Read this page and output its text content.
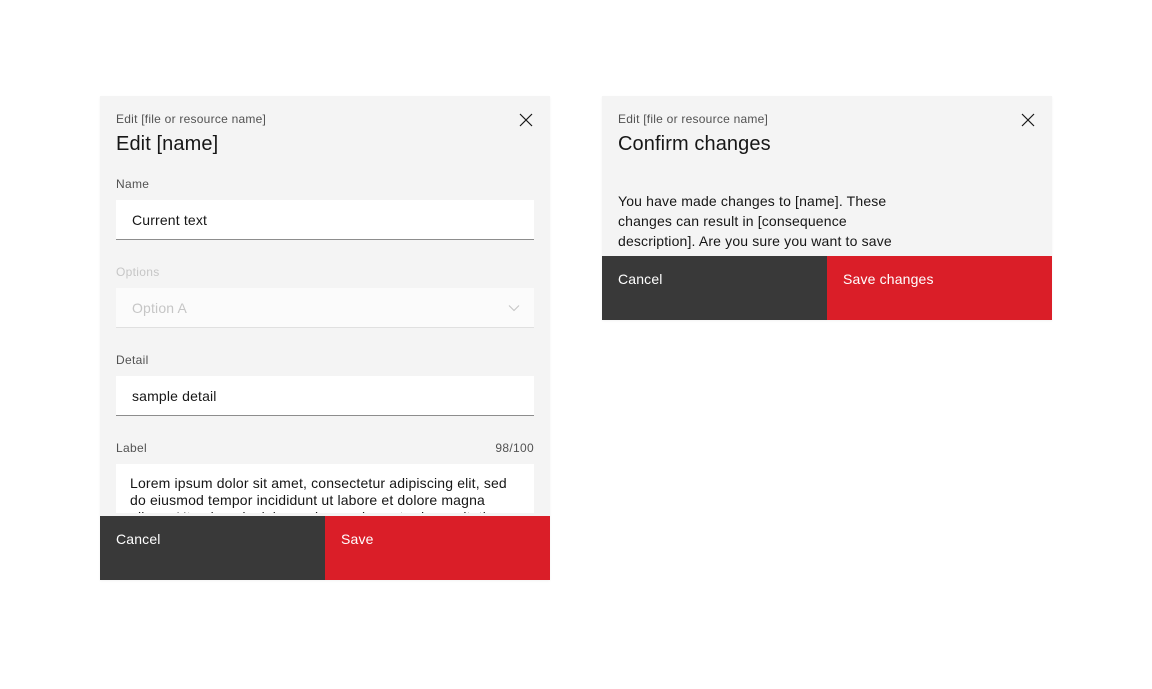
Edit [file or resource name]
Edit [name]
Name
Current text
Options
Option A
Detail
sample detail
Label	98/100
Lorem ipsum dolor sit amet, consectetur adipiscing elit, sed do eiusmod tempor incididunt ut labore et dolore magna aliqua. Ut enim ad minim veniam, quis nostrud exercitation ullamco laboris nisi ut aliquip ex ea commodo consequat.
Cancel	Save
Edit [file or resource name]
Confirm changes

You have made changes to [name]. These changes can result in [consequence description]. Are you sure you want to save

Cancel	Save changes
